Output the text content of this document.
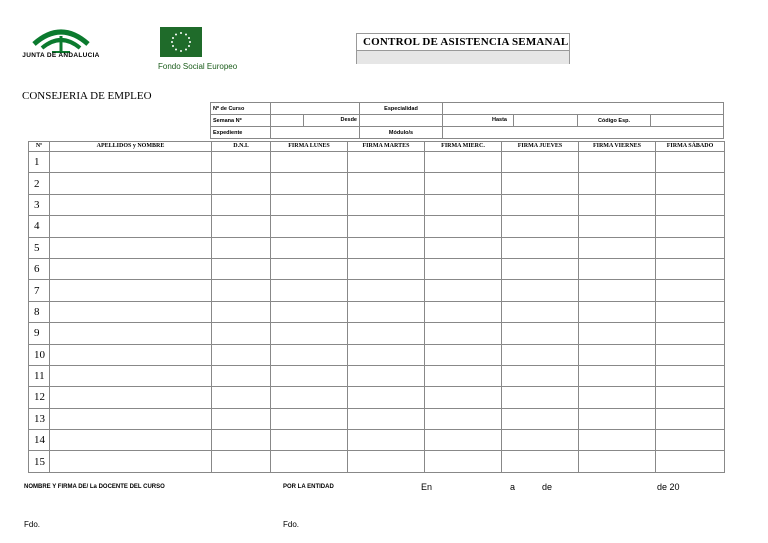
JUNTA DE ANDALUCIA
Fondo Social Europeo
CONTROL DE ASISTENCIA SEMANAL
CONSEJERIA DE EMPLEO
Nº de Curso		Especialidad			
Semana Nº	Desde		Hasta	Código Esp.	
Expediente		Módulo/s			
Nº	APELLIDOS y NOMBRE	D.N.I.	FIRMA LUNES	FIRMA MARTES	FIRMA MIERC.	FIRMA JUEVES	FIRMA VIERNES	FIRMA SÁBADO
1								
2								
3								
4								
5								
6								
7								
8								
9								
10								
11								
12								
13								
14								
15								
NOMBRE Y FIRMA DE/ La DOCENTE DEL CURSO	POR LA ENTIDAD	En	a	de	de 20
Fdo.	Fdo.
